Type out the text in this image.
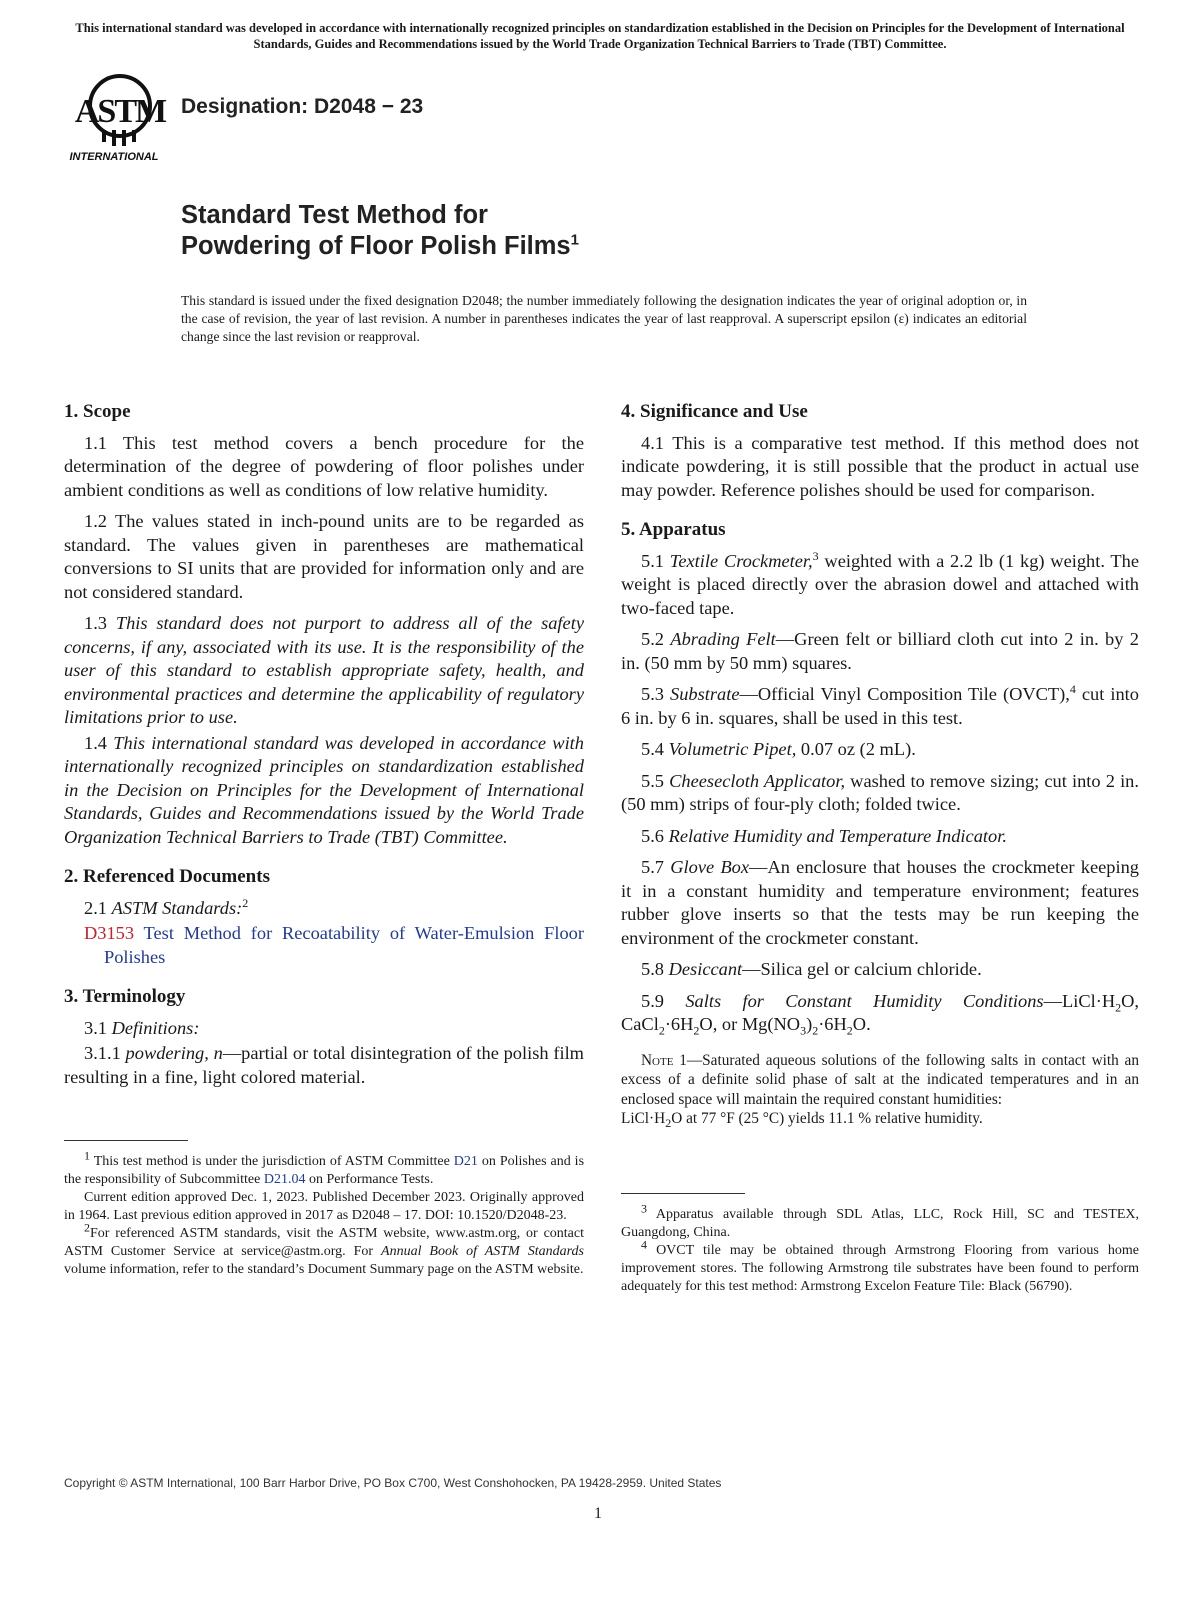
This international standard was developed in accordance with internationally recognized principles on standardization established in the Decision on Principles for the Development of International Standards, Guides and Recommendations issued by the World Trade Organization Technical Barriers to Trade (TBT) Committee.
ASTM
INTERNATIONAL
Designation: D2048 − 23
Standard Test Method for
Powdering of Floor Polish Films$^1$
This standard is issued under the fixed designation D2048; the number immediately following the designation indicates the year of original adoption or, in the case of revision, the year of last revision. A number in parentheses indicates the year of last reapproval. A superscript epsilon (ε) indicates an editorial change since the last revision or reapproval.
1. Scope
1.1 This test method covers a bench procedure for the determination of the degree of powdering of floor polishes under ambient conditions as well as conditions of low relative humidity.
1.2 The values stated in inch-pound units are to be regarded as standard. The values given in parentheses are mathematical conversions to SI units that are provided for information only and are not considered standard.
1.3 This standard does not purport to address all of the safety concerns, if any, associated with its use. It is the responsibility of the user of this standard to establish appropriate safety, health, and environmental practices and determine the applicability of regulatory limitations prior to use.
1.4 This international standard was developed in accordance with internationally recognized principles on standardization established in the Decision on Principles for the Development of International Standards, Guides and Recommendations issued by the World Trade Organization Technical Barriers to Trade (TBT) Committee.
2. Referenced Documents
2.1 ASTM Standards:$^2$
D3153 Test Method for Recoatability of Water-Emulsion Floor Polishes
3. Terminology
3.1 Definitions:
3.1.1 powdering, n—partial or total disintegration of the polish film resulting in a fine, light colored material.
4. Significance and Use
4.1 This is a comparative test method. If this method does not indicate powdering, it is still possible that the product in actual use may powder. Reference polishes should be used for comparison.
5. Apparatus
5.1 Textile Crockmeter,$^3$ weighted with a 2.2 lb (1 kg) weight. The weight is placed directly over the abrasion dowel and attached with two-faced tape.
5.2 Abrading Felt—Green felt or billiard cloth cut into 2 in. by 2 in. (50 mm by 50 mm) squares.
5.3 Substrate—Official Vinyl Composition Tile (OVCT),$^4$ cut into 6 in. by 6 in. squares, shall be used in this test.
5.4 Volumetric Pipet, 0.07 oz (2 mL).
5.5 Cheesecloth Applicator, washed to remove sizing; cut into 2 in. (50 mm) strips of four-ply cloth; folded twice.
5.6 Relative Humidity and Temperature Indicator.
5.7 Glove Box—An enclosure that houses the crockmeter keeping it in a constant humidity and temperature environment; features rubber glove inserts so that the tests may be run keeping the environment of the crockmeter constant.
5.8 Desiccant—Silica gel or calcium chloride.
5.9 Salts for Constant Humidity $Conditions—LiCl\cdot H_2O$, $CaCl_2\cdot 6H_2O$, or $Mg(NO_3)_2\cdot 6H_2O$.
Note 1—Saturated aqueous solutions of the following salts in contact with an excess of a definite solid phase of salt at the indicated temperatures and in an enclosed space will maintain the required constant humidities:
$LiCl\cdot H_2O$ at 77 °F (25 °C) yields 11.1 % relative humidity.

$^1$ This test method is under the jurisdiction of ASTM Committee D21 on Polishes and is the responsibility of Subcommittee D21.04 on Performance Tests.

Current edition approved Dec. 1, 2023. Published December 2023. Originally approved in 1964. Last previous edition approved in 2017 as D2048 – 17. DOI: 10.1520/D2048-23.

$^2$For referenced ASTM standards, visit the ASTM website, www.astm.org, or contact ASTM Customer Service at service@astm.org. For Annual Book of ASTM Standards volume information, refer to the standard’s Document Summary page on the ASTM website.

$^3$ Apparatus available through SDL Atlas, LLC, Rock Hill, SC and TESTEX, Guangdong, China.

$^4$ OVCT tile may be obtained through Armstrong Flooring from various home improvement stores. The following Armstrong tile substrates have been found to perform adequately for this test method: Armstrong Excelon Feature Tile: Black (56790).

Copyright © ASTM International, 100 Barr Harbor Drive, PO Box C700, West Conshohocken, PA 19428-2959. United States
1
